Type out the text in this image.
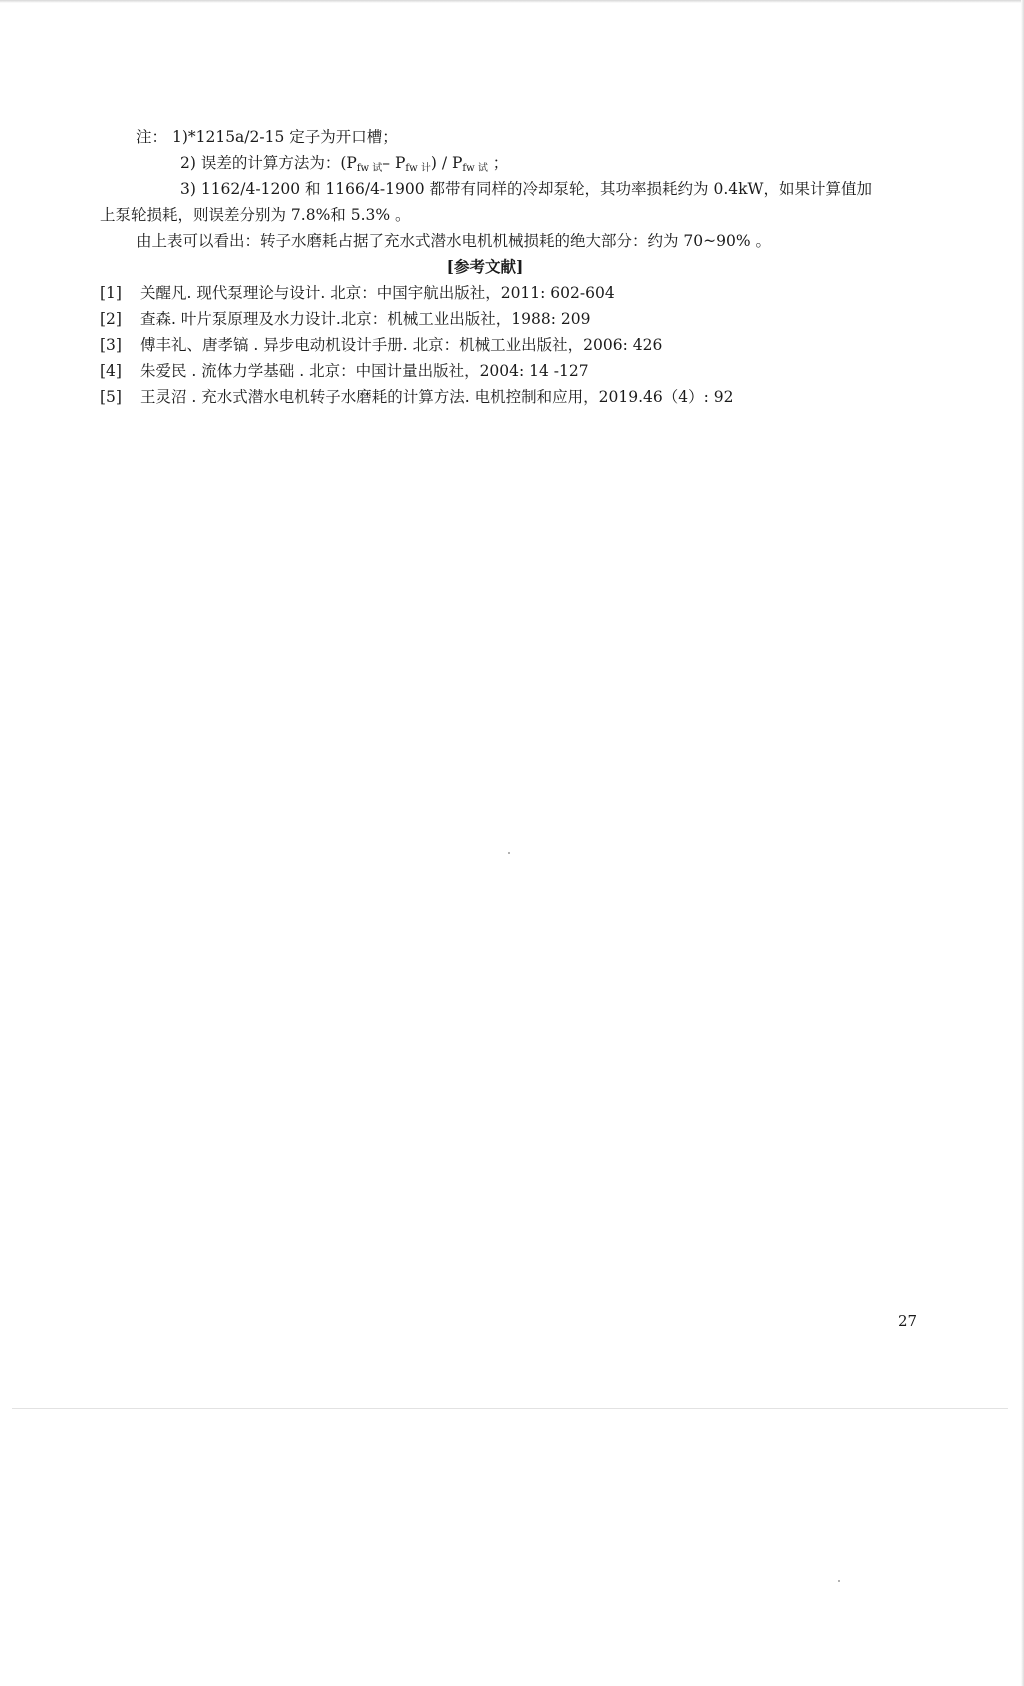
注： 1)*1215a/2-15 定子为开口槽；
2) 误差的计算方法为：($P_{fw 试}-$ $P_{fw 计}) / P_{fw 试}$ ；
3) 1162/4-1200 和 1166/4-1900 都带有同样的冷却泵轮，其功率损耗约为 0.4kW，如果计算值加
上泵轮损耗，则误差分别为 7.8%和 5.3% 。
由上表可以看出：转子水磨耗占据了充水式潜水电机机械损耗的绝大部分：约为 70~90% 。
[参考文献]
[1]	关醒凡. 现代泵理论与设计. 北京：中国宇航出版社，2011: 602-604
[2]	查森. 叶片泵原理及水力设计.北京：机械工业出版社，1988: 209
[3]	傅丰礼、唐孝镐 . 异步电动机设计手册. 北京：机械工业出版社，2006: 426
[4]	朱爱民 . 流体力学基础 . 北京：中国计量出版社，2004: 14 -127
[5]	王灵沼 . 充水式潜水电机转子水磨耗的计算方法. 电机控制和应用，2019.46（4）: 92
27
